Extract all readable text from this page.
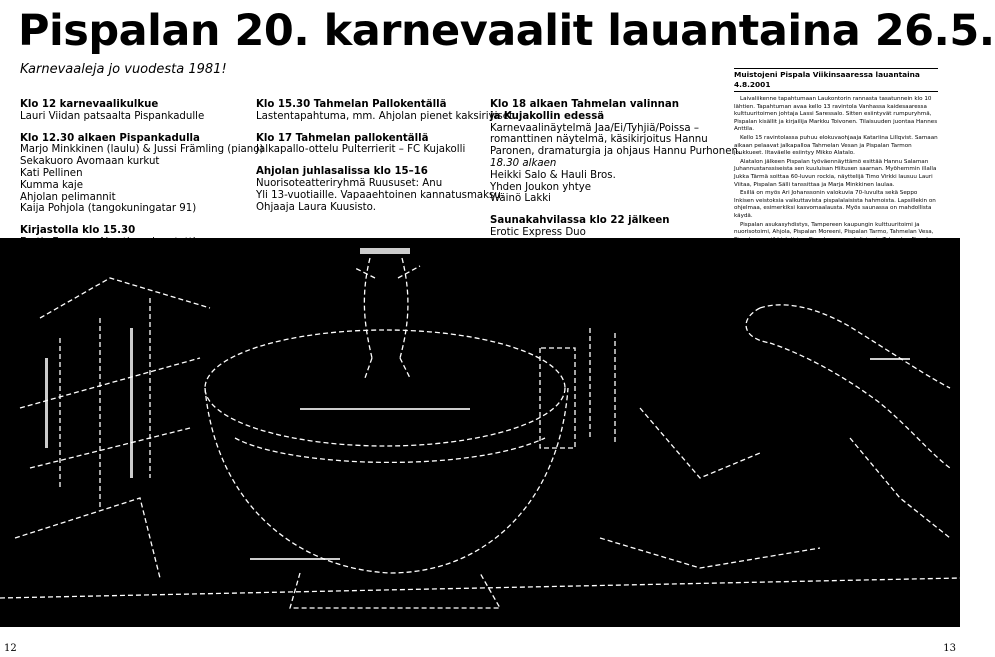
Pispalan 20. karnevaalit lauantaina 26.5.
Karnevaaleja jo vuodesta 1981!

Klo 12 karnevaalikulkue
Lauri Viidan patsaalta Pispankadulle

Klo 12.30 alkaen Pispankadulla
Marjo Minkkinen (laulu) & Jussi Främling (piano)
Sekakuoro Avomaan kurkut
Kati Pellinen
Kumma kaje
Ahjolan pelimannit
Kaija Pohjola (tangokuningatar 91)

Kirjastolla klo 15.30

Klo 15.30 Tahmelan Pallokentällä
Lastentapahtuma, mm. Ahjolan pienet kaksiriviset

Klo 17 Tahmelan pallokentällä
Jalkapallo-ottelu Pulterrierit – FC Kujakolli

Ahjolan juhlasalissa klo 15–16
Nuorisoteatteriryhmä Ruususet: Anu
Yli 13-vuotiaille. Vapaaehtoinen kannatusmaksu.
Ohjaaja Laura Kuusisto.

Klo 18 alkaen Tahmelan valinnan
ja Kujakollin edessä
Karnevaalinäytelmä Jaa/Ei/Tyhjiä/Poissa –
romanttinen näytelmä, käsikirjoitus Hannu
Paronen, dramaturgia ja ohjaus Hannu Purhonen.
18.30 alkaen
Heikki Salo & Hauli Bros.
Yhden Joukon yhtye
Wäinö Lakki

Saunakahvilassa klo 22 jälkeen
Erotic Express Duo

Muistojeni Pispala Viikinsaaressa lauantaina 4.8.2001

Laivaliikenne tapahtumaan Laukontorin rannasta tasatunnein klo 10 lähtien. Tapahtuman avaa kello 13 ravintola Vanhassa kaidesaaressa kulttuuritoimen johtaja Lassi Saressalo. Sitten esiintyvät rumpuryhmä, Pispalan kisällit ja kirjailija Markku Toivonen. Tilaisuuden juontaa Hannes Anttila.

Kello 15 ravintolassa puhuu elokuvaohjaaja Katariina Lillqvist. Samaan aikaan pelaavat jalkapalloa Tahmelan Vesan ja Pispalan Tarmon joukkueet. Iltaväelle esiintyy Mikko Alatalo.

Alatalon jälkeen Pispalan työväennäyttämö esittää Hannu Salaman Juhannustanssiseista sen kuuluisan Hiitusen saarnan. Myöhemmin illalla Jukka Tärmä soittaa 60-luvun rockia, näyttelijä Timo Virkki lausuu Lauri Viitaa, Pispalan Sälli tanssittaa ja Marja Minkkinen laulaa.

Esillä on myös Ari Johanssonin valokuvia 70-luvulta sekä Seppo Inkisen veistoksia vaikuttavista pispalalaisista hahmoista. Lapsillekin on ohjelmaa, esimerkiksi kasvomaalausta. Myös saunassa on mahdollista käydä.

Pispalan asukasyhdistys, Tampereen kaupungin kulttuuritoimi ja nuorisotoimi, Ahjola, Pispalan Moreeni, Pispalan Tarmo, Tahmelan Vesa,

12	13
